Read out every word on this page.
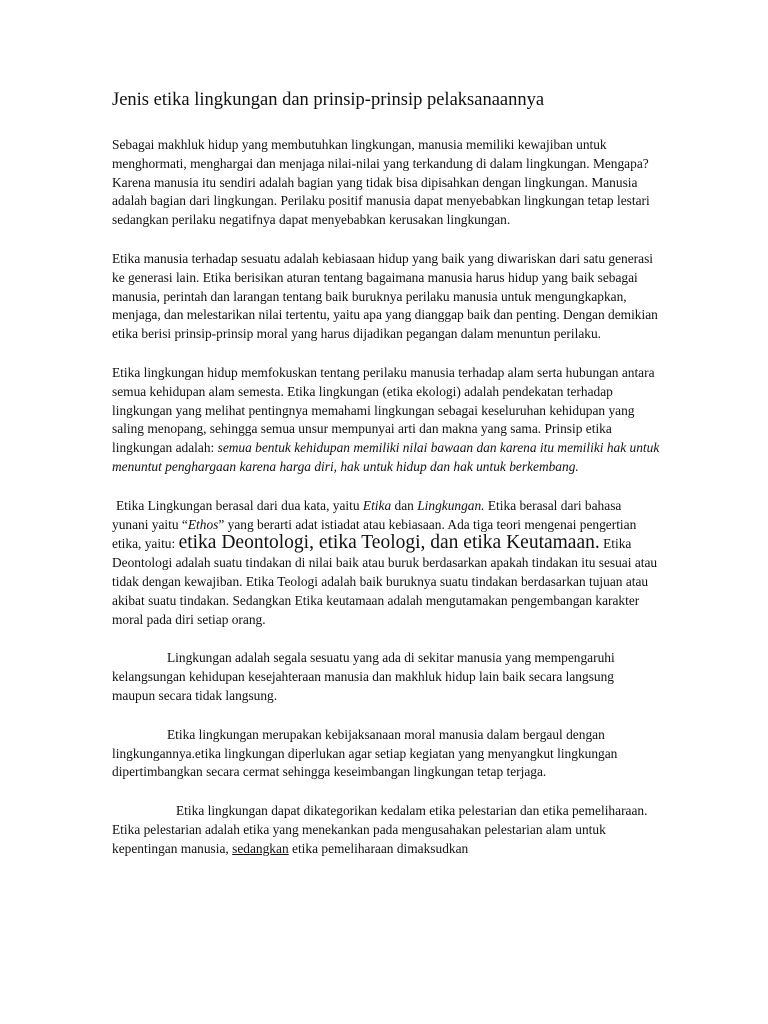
Jenis etika lingkungan dan prinsip-prinsip pelaksanaannya

Sebagai makhluk hidup yang membutuhkan lingkungan, manusia memiliki kewajiban untuk menghormati, menghargai dan menjaga nilai-nilai yang terkandung di dalam lingkungan. Mengapa? Karena manusia itu sendiri adalah bagian yang tidak bisa dipisahkan dengan lingkungan. Manusia adalah bagian dari lingkungan. Perilaku positif manusia dapat menyebabkan lingkungan tetap lestari sedangkan perilaku negatifnya dapat menyebabkan kerusakan lingkungan.

Etika manusia terhadap sesuatu adalah kebiasaan hidup yang baik yang diwariskan dari satu generasi ke generasi lain. Etika berisikan aturan tentang bagaimana manusia harus hidup yang baik sebagai manusia, perintah dan larangan tentang baik buruknya perilaku manusia untuk mengungkapkan, menjaga, dan melestarikan nilai tertentu, yaitu apa yang dianggap baik dan penting. Dengan demikian etika berisi prinsip-prinsip moral yang harus dijadikan pegangan dalam menuntun perilaku.

Etika lingkungan hidup memfokuskan tentang perilaku manusia terhadap alam serta hubungan antara semua kehidupan alam semesta. Etika lingkungan (etika ekologi) adalah pendekatan terhadap lingkungan yang melihat pentingnya memahami lingkungan sebagai keseluruhan kehidupan yang saling menopang, sehingga semua unsur mempunyai arti dan makna yang sama. Prinsip etika lingkungan adalah: semua bentuk kehidupan memiliki nilai bawaan dan karena itu memiliki hak untuk menuntut penghargaan karena harga diri, hak untuk hidup dan hak untuk berkembang.

Etika Lingkungan berasal dari dua kata, yaitu Etika dan Lingkungan. Etika berasal dari bahasa yunani yaitu “Ethos” yang berarti adat istiadat atau kebiasaan. Ada tiga teori mengenai pengertian etika, yaitu: etika Deontologi, etika Teologi, dan etika Keutamaan. Etika Deontologi adalah suatu tindakan di nilai baik atau buruk berdasarkan apakah tindakan itu sesuai atau tidak dengan kewajiban. Etika Teologi adalah baik buruknya suatu tindakan berdasarkan tujuan atau akibat suatu tindakan. Sedangkan Etika keutamaan adalah mengutamakan pengembangan karakter moral pada diri setiap orang.

Lingkungan adalah segala sesuatu yang ada di sekitar manusia yang mempengaruhi kelangsungan kehidupan kesejahteraan manusia dan makhluk hidup lain baik secara langsung maupun secara tidak langsung.

Etika lingkungan merupakan kebijaksanaan moral manusia dalam bergaul dengan lingkungannya.etika lingkungan diperlukan agar setiap kegiatan yang menyangkut lingkungan dipertimbangkan secara cermat sehingga keseimbangan lingkungan tetap terjaga.

Etika lingkungan dapat dikategorikan kedalam etika pelestarian dan etika pemeliharaan. Etika pelestarian adalah etika yang menekankan pada mengusahakan pelestarian alam untuk kepentingan manusia, sedangkan etika pemeliharaan dimaksudkan
